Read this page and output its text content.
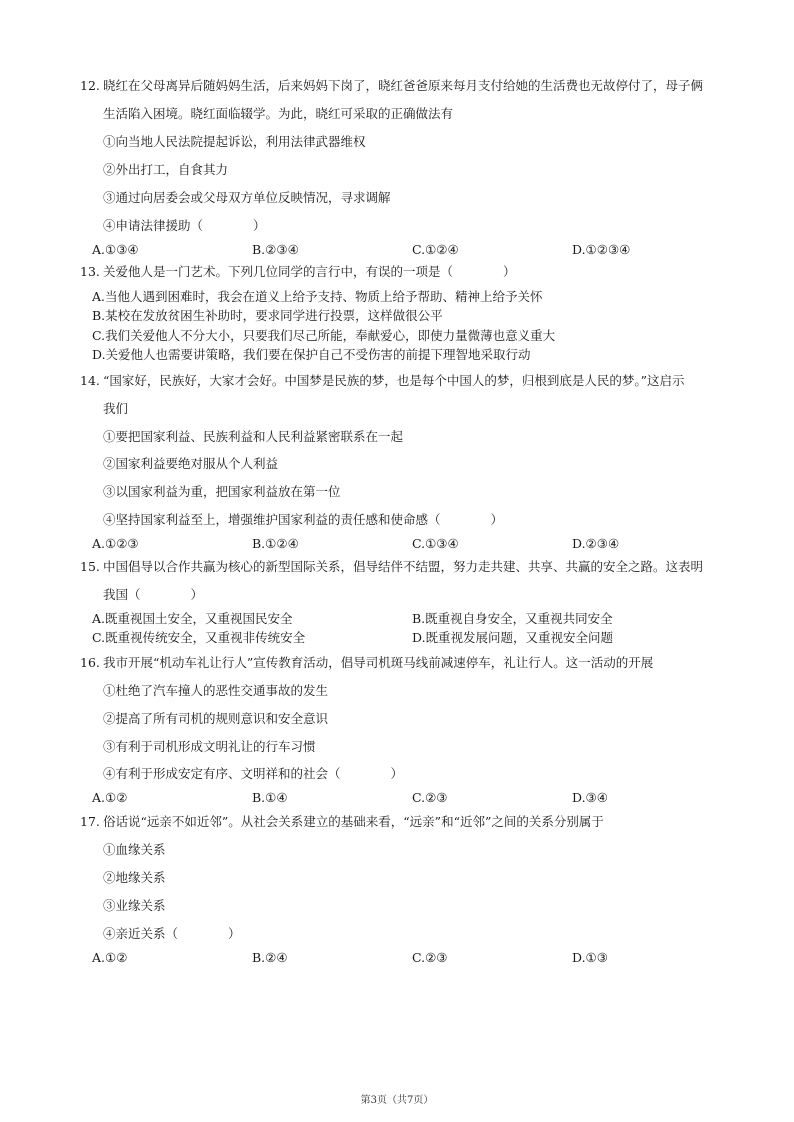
12. 晓红在父母离异后随妈妈生活，后来妈妈下岗了，晓红爸爸原来每月支付给她的生活费也无故停付了，母子俩
生活陷入困境。晓红面临辍学。为此，晓红可采取的正确做法有
①向当地人民法院提起诉讼，利用法律武器维权
②外出打工，自食其力
③通过向居委会或父母双方单位反映情况，寻求调解
④申请法律援助（　　　　）
A.①③④	B.②③④	C.①②④	D.①②③④
13. 关爱他人是一门艺术。下列几位同学的言行中，有误的一项是（　　　　）
A.当他人遇到困难时，我会在道义上给予支持、物质上给予帮助、精神上给予关怀
B.某校在发放贫困生补助时，要求同学进行投票，这样做很公平
C.我们关爱他人不分大小，只要我们尽己所能，奉献爱心，即使力量微薄也意义重大
D.关爱他人也需要讲策略，我们要在保护自己不受伤害的前提下理智地采取行动
14. “国家好，民族好，大家才会好。中国梦是民族的梦，也是每个中国人的梦，归根到底是人民的梦。”这启示
我们
①要把国家利益、民族利益和人民利益紧密联系在一起
②国家利益要绝对服从个人利益
③以国家利益为重，把国家利益放在第一位
④坚持国家利益至上，增强维护国家利益的责任感和使命感（　　　　）
A.①②③	B.①②④	C.①③④	D.②③④
15. 中国倡导以合作共赢为核心的新型国际关系，倡导结伴不结盟，努力走共建、共享、共赢的安全之路。这表明
我国（　　　　）
A.既重视国土安全，又重视国民安全	B.既重视自身安全，又重视共同安全
C.既重视传统安全，又重视非传统安全	D.既重视发展问题，又重视安全问题
16. 我市开展“机动车礼让行人”宣传教育活动，倡导司机斑马线前减速停车，礼让行人。这一活动的开展
①杜绝了汽车撞人的恶性交通事故的发生
②提高了所有司机的规则意识和安全意识
③有利于司机形成文明礼让的行车习惯
④有利于形成安定有序、文明祥和的社会（　　　　）
A.①②	B.①④	C.②③	D.③④
17. 俗话说“远亲不如近邻”。从社会关系建立的基础来看，“远亲”和“近邻”之间的关系分别属于
①血缘关系
②地缘关系
③业缘关系
④亲近关系（　　　　）
A.①②	B.②④	C.②③	D.①③
第3页（共7页）
